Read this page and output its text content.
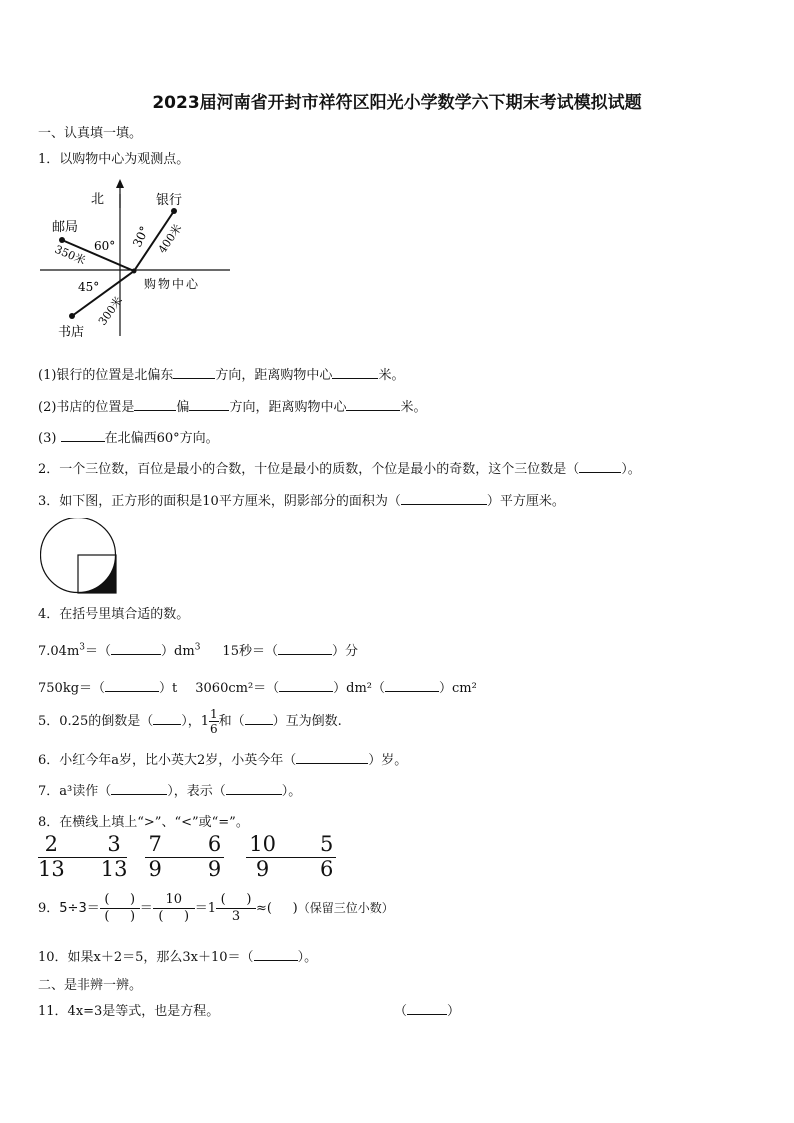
2023届河南省开封市祥符区阳光小学数学六下期末考试模拟试题
一、认真填一填。
1．以购物中心为观测点。
北	银行
邮局
书店
购物中心
60° 30°
45°
350米	400米
300米
(1)银行的位置是北偏东	方向，距离购物中心	米。
(2)书店的位置是	偏	方向，距离购物中心	米。
(3)	在北偏西60°方向。
2．一个三位数，百位是最小的合数，十位是最小的质数，个位是最小的奇数，这个三位数是（	）。
3．如下图，正方形的面积是10平方厘米，阴影部分的面积为（	）平方厘米。
4．在括号里填合适的数。
$7.04m^3=$（	）$dm^3$ 15秒＝（	）分
750kg＝（	）t 3060cm²＝（	）dm²（	）cm²
5．0.25的倒数是（ ），$1 \frac{1}{6}$ 和（ ）互为倒数.
6．小红今年a岁，比小英大2岁，小英今年（	）岁。
7．a³读作（	），表示（	）。
8．在横线上填上“>”、“<”或“=”。
$\frac{2}{13} \frac{3}{13} \frac{7}{9} \frac{6}{9} \frac{10}{9} \frac{5}{6}$
9．$5\div 3= \frac{( )}{( )} = \frac{10}{( )} =1 \frac{( )}{3}$ ≈(     )（保留三位小数）
10．如果x＋2＝5，那么3x＋10＝（	）。
二、是非辨一辨。
11．4x=3是等式，也是方程。	（	）
